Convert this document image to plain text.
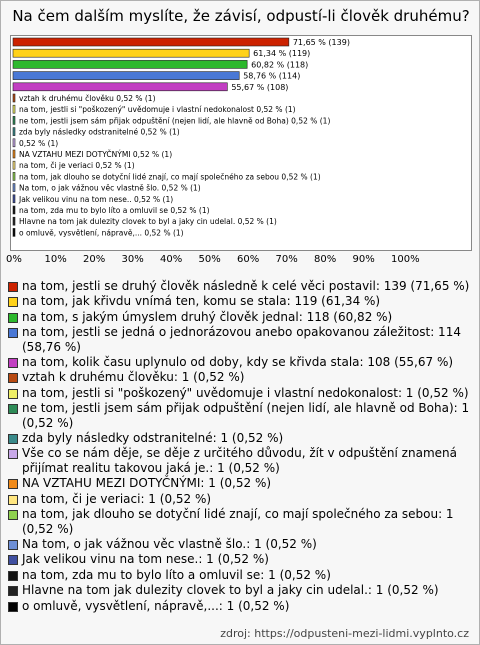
Na čem dalším myslíte, že závisí, odpustí-li člověk druhému?
71,65 % (139)
61,34 % (119)
60,82 % (118)
58,76 % (114)
55,67 % (108)
vztah k druhému člověku 0,52 % (1)
na tom, jestli si "poškozený" uvědomuje i vlastní nedokonalost 0,52 % (1)
ne tom, jestli jsem sám přijak odpuštění (nejen lidí, ale hlavně od Boha) 0,52 % (1)
zda byly následky odstranitelné 0,52 % (1)
0,52 % (1)
NA VZTAHU MEZI DOTYČNÝMI 0,52 % (1)
na tom, či je veriaci 0,52 % (1)
na tom, jak dlouho se dotyční lidé znají, co mají společného za sebou 0,52 % (1)
Na tom, o jak vážnou věc vlastně šlo. 0,52 % (1)
Jak velikou vinu na tom nese.. 0,52 % (1)
na tom, zda mu to bylo líto a omluvil se 0,52 % (1)
Hlavne na tom jak dulezity clovek to byl a jaky cin udelal. 0,52 % (1)
o omluvě, vysvětlení, nápravě,... 0,52 % (1)
0% 10% 20% 30% 40% 50% 60% 70% 80% 90% 100%
na tom, jestli se druhý člověk následně k celé věci postavil: 139 (71,65 %)
na tom, jak křivdu vnímá ten, komu se stala: 119 (61,34 %)
na tom, s jakým úmyslem druhý člověk jednal: 118 (60,82 %)
na tom, jestli se jedná o jednorázovou anebo opakovanou záležitost: 114 (58,76 %)
na tom, kolik času uplynulo od doby, kdy se křivda stala: 108 (55,67 %)
vztah k druhému člověku: 1 (0,52 %)
na tom, jestli si "poškozený" uvědomuje i vlastní nedokonalost: 1 (0,52 %)
ne tom, jestli jsem sám přijak odpuštění (nejen lidí, ale hlavně od Boha): 1 (0,52 %)
zda byly následky odstranitelné: 1 (0,52 %)
Vše co se nám děje, se děje z určitého důvodu, žít v odpuštění znamená přijímat realitu takovou jaká je.: 1 (0,52 %)
NA VZTAHU MEZI DOTYČNÝMI: 1 (0,52 %)
na tom, či je veriaci: 1 (0,52 %)
na tom, jak dlouho se dotyční lidé znají, co mají společného za sebou: 1 (0,52 %)
Na tom, o jak vážnou věc vlastně šlo.: 1 (0,52 %)
Jak velikou vinu na tom nese.: 1 (0,52 %)
na tom, zda mu to bylo líto a omluvil se: 1 (0,52 %)
Hlavne na tom jak dulezity clovek to byl a jaky cin udelal.: 1 (0,52 %)
o omluvě, vysvětlení, nápravě,...: 1 (0,52 %)
zdroj: https://odpusteni-mezi-lidmi.vyplnto.cz
